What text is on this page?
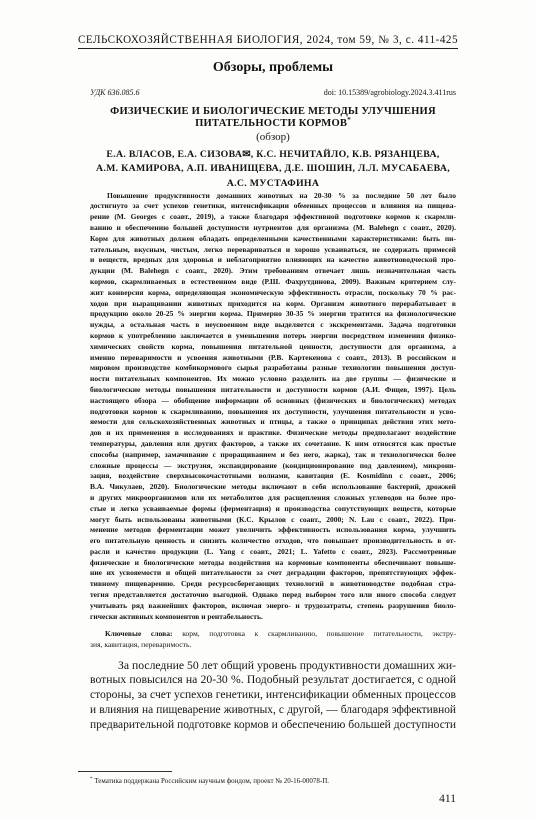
СЕЛЬСКОХОЗЯЙСТВЕННАЯ БИОЛОГИЯ, 2024, том 59, № 3, с. 411-425
Обзоры, проблемы
УДК 636.085.6	doi: 10.15389/agrobiology.2024.3.411rus
ФИЗИЧЕСКИЕ И БИОЛОГИЧЕСКИЕ МЕТОДЫ УЛУЧШЕНИЯ
ПИТАТЕЛЬНОСТИ КОРМОВ*
(обзор)
Е.А. ВЛАСОВ, Е.А. СИЗОВА✉, К.С. НЕЧИТАЙЛО, К.В. РЯЗАНЦЕВА,
А.М. КАМИРОВА, А.П. ИВАНИЩЕВА, Д.Е. ШОШИН, Л.Л. МУСАБАЕВА,
А.С. МУСТАФИНА
Повышение продуктивности домашних животных на 20-30 % за последние 50 лет было
достигнуто за счет успехов генетики, интенсификации обменных процессов и влияния на пищева-
рение (M. Georges с соавт., 2019), а также благодаря эффективной подготовке кормов к скармли-
ванию и обеспечению большей доступности нутриентов для организма (M. Balehegn с соавт., 2020).
Корм для животных должен обладать определенными качественными характеристиками: быть пи-
тательным, вкусным, чистым, легко перевариваться и хорошо усваиваться, не содержать примесей
и веществ, вредных для здоровья и неблагоприятно влияющих на качество животноводческой про-
дукции (M. Balehegn с соавт., 2020). Этим требованиям отвечает лишь незначительная часть
кормов, скармливаемых в естественном виде (Р.Ш. Фахрутдинова, 2009). Важным критерием слу-
жит конверсия корма, определяющая экономическую эффективность отрасли, поскольку 70 % рас-
ходов при выращивании животных приходится на корм. Организм животного перерабатывает в
продукцию около 20-25 % энергии корма. Примерно 30-35 % энергии тратится на физиологические
нужды, а остальная часть в неусвоенном виде выделяется с экскрементами. Задача подготовки
кормов к употреблению заключается в уменьшении потерь энергии посредством изменения физико-
химических свойств корма, повышения питательной ценности, доступности для организма, а
именно переваримости и усвоения животными (Р.В. Картекенова с соавт., 2013). В российском и
мировом производстве комбикормового сырья разработаны разные технологии повышения доступ-
ности питательных компонентов. Их можно условно разделить на две группы — физические и
биологические методы повышения питательности и доступности кормов (А.И. Фицев, 1997). Цель
настоящего обзора — обобщение информации об основных (физических и биологических) методах
подготовки кормов к скармливанию, повышения их доступности, улучшения питательности и усво-
яемости для сельскохозяйственных животных и птицы, а также о принципах действия этих мето-
дов и их применения в исследованиях и практике. Физические методы предполагают воздействие
температуры, давления или других факторов, а также их сочетание. К ним относятся как простые
способы (например, замачивание с проращиванием и без него, жарка), так и технологически более
сложные процессы — экструзия, экспандирование (кондиционирование под давлением), микрони-
зация, воздействие сверхвысокочастотными волнами, кавитация (E. Kosmidinn с соавт., 2006;
В.А. Чикулаев, 2020). Биологические методы включают в себя использование бактерий, дрожжей
и других микроорганизмов или их метаболитов для расщепления сложных углеводов на более про-
стые и легко усваиваемые формы (ферментация) и производства сопутствующих веществ, которые
могут быть использованы животными (К.С. Крылов с соавт., 2000; N. Lau с соавт., 2022). При-
менение методов ферментации может увеличить эффективность использования корма, улучшить
его питательную ценность и снизить количество отходов, что повышает производительность в от-
расли и качество продукции (L. Yang с соавт., 2021; L. Yafetto с соавт., 2023). Рассмотренные
физические и биологические методы воздействия на кормовые компоненты обеспечивают повыше-
ние их усвояемости и общей питательности за счет деградации факторов, препятствующих эффек-
тивному пищеварению. Среди ресурсосберегающих технологий в животноводстве подобная стра-
тегия представляется достаточно выгодной. Однако перед выбором того или иного способа следует
учитывать ряд важнейших факторов, включая энерго- и трудозатраты, степень разрушения биоло-
гически активных компонентов и рентабельность.
Ключевые слова: корм, подготовка к скармливанию, повышение питательности, экстру-
зия, кавитация, переваримость.
За последние 50 лет общий уровень продуктивности домашних жи-
вотных повысился на 20-30 %. Подобный результат достигается, с одной
стороны, за счет успехов генетики, интенсификации обменных процессов
и влияния на пищеварение животных, с другой, — благодаря эффективной
предварительной подготовке кормов и обеспечению большей доступности
* Тематика поддержана Российским научным фондом, проект № 20-16-00078-П.
411
